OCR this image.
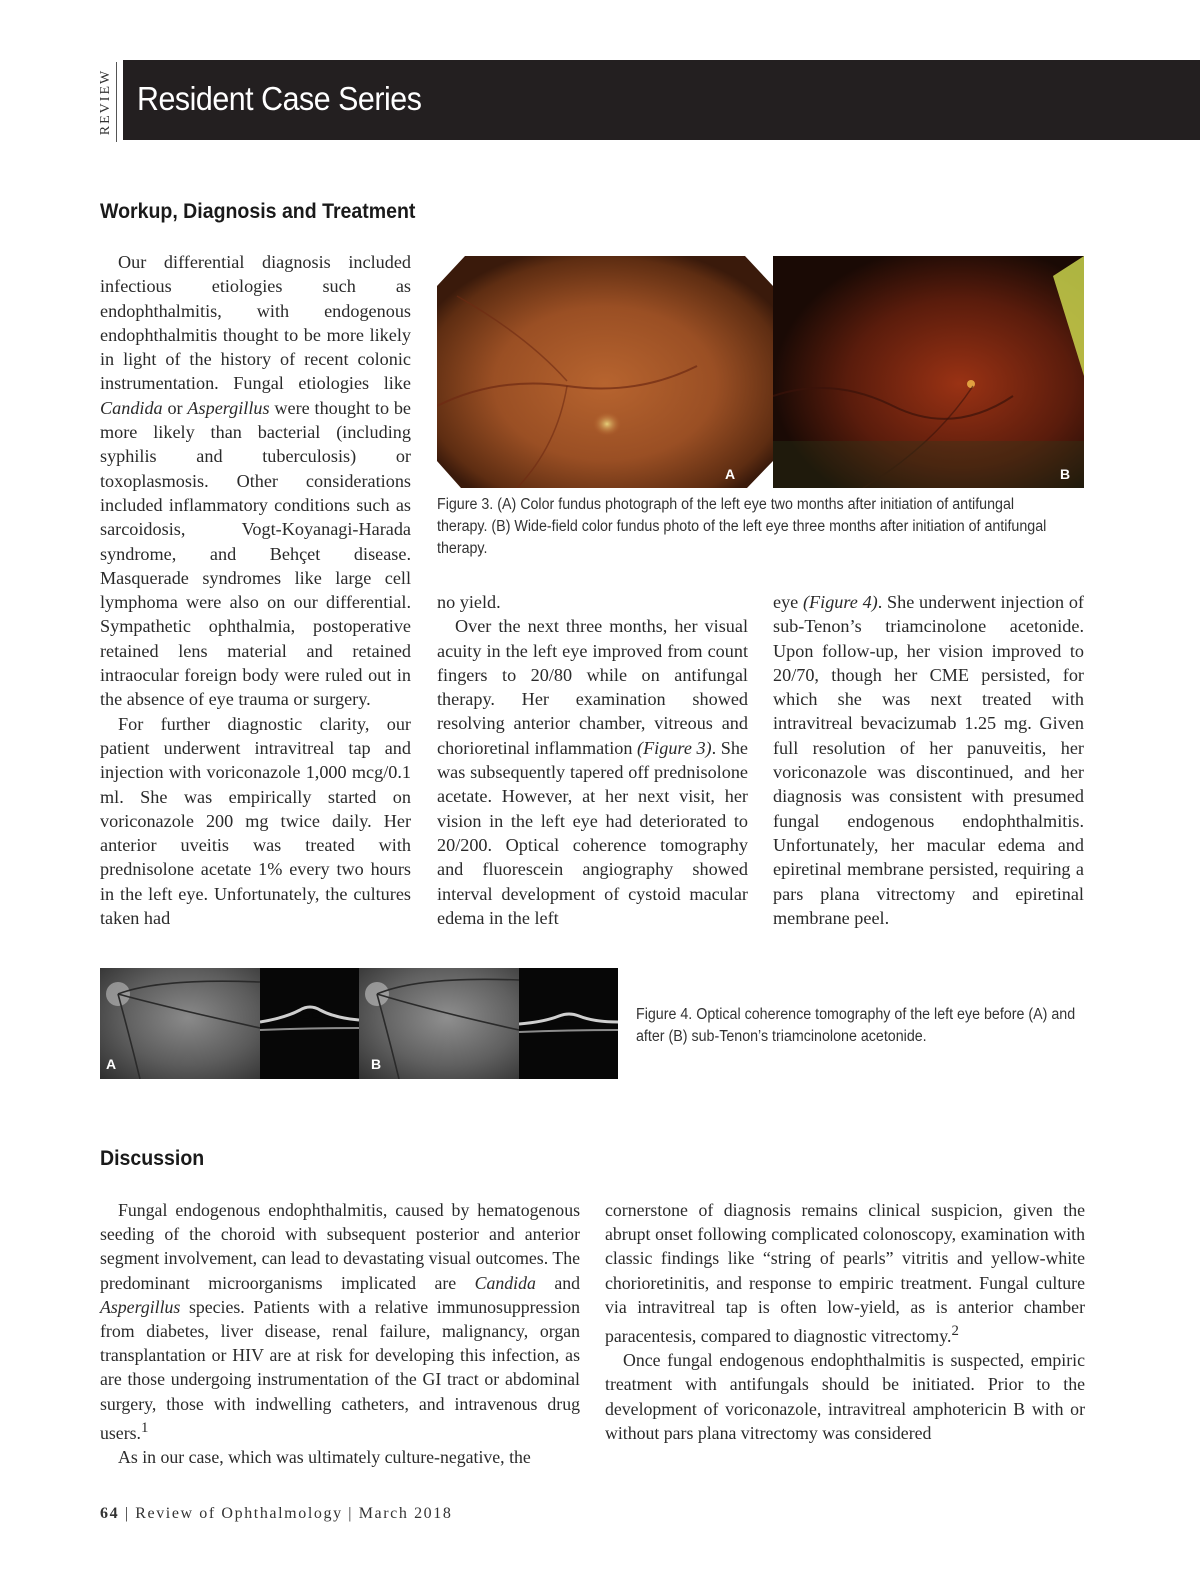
REVIEW Resident Case Series
Workup, Diagnosis and Treatment

Our differential diagnosis included infectious etiologies such as endophthalmitis, with endogenous endophthalmitis thought to be more likely in light of the history of recent colonic instrumentation. Fungal etiologies like Candida or Aspergillus were thought to be more likely than bacterial (including syphilis and tuberculosis) or toxoplasmosis. Other considerations included inflammatory conditions such as sarcoidosis, Vogt-Koyanagi-Harada syndrome, and Behçet disease. Masquerade syndromes like large cell lymphoma were also on our differential. Sympathetic ophthalmia, postoperative retained lens material and retained intraocular foreign body were ruled out in the absence of eye trauma or surgery.

For further diagnostic clarity, our patient underwent intravitreal tap and injection with voriconazole 1,000 mcg/0.1 ml. She was empirically started on voriconazole 200 mg twice daily. Her anterior uveitis was treated with prednisolone acetate 1% every two hours in the left eye. Unfortunately, the cultures taken had

A	B
Figure 3. (A) Color fundus photograph of the left eye two months after initiation of antifungal therapy. (B) Wide-field color fundus photo of the left eye three months after initiation of antifungal therapy.

no yield.

Over the next three months, her visual acuity in the left eye improved from count fingers to 20/80 while on antifungal therapy. Her examination showed resolving anterior chamber, vitreous and chorioretinal inflammation (Figure 3). She was subsequently tapered off prednisolone acetate. However, at her next visit, her vision in the left eye had deteriorated to 20/200. Optical coherence tomography and fluorescein angiography showed interval development of cystoid macular edema in the left

eye (Figure 4). She underwent injection of sub-Tenon’s triamcinolone acetonide. Upon follow-up, her vision improved to 20/70, though her CME persisted, for which she was next treated with intravitreal bevacizumab 1.25 mg. Given full resolution of her panuveitis, her voriconazole was discontinued, and her diagnosis was consistent with presumed fungal endogenous endophthalmitis. Unfortunately, her macular edema and epiretinal membrane persisted, requiring a pars plana vitrectomy and epiretinal membrane peel.

A	B
Figure 4. Optical coherence tomography of the left eye before (A) and after (B) sub-Tenon’s triamcinolone acetonide.
Discussion

Fungal endogenous endophthalmitis, caused by hematogenous seeding of the choroid with subsequent posterior and anterior segment involvement, can lead to devastating visual outcomes. The predominant microorganisms implicated are Candida and Aspergillus species. Patients with a relative immunosuppression from diabetes, liver disease, renal failure, malignancy, organ transplantation or HIV are at risk for developing this infection, as are those undergoing instrumentation of the GI tract or abdominal surgery, those with indwelling catheters, and intravenous drug users.$^1$

As in our case, which was ultimately culture-negative, the

cornerstone of diagnosis remains clinical suspicion, given the abrupt onset following complicated colonoscopy, examination with classic findings like “string of pearls” vitritis and yellow-white chorioretinitis, and response to empiric treatment. Fungal culture via intravitreal tap is often low-yield, as is anterior chamber paracentesis, compared to diagnostic vitrectomy.$^2$

Once fungal endogenous endophthalmitis is suspected, empiric treatment with antifungals should be initiated. Prior to the development of voriconazole, intravitreal amphotericin B with or without pars plana vitrectomy was considered

64 | Review of Ophthalmology | March 2018
